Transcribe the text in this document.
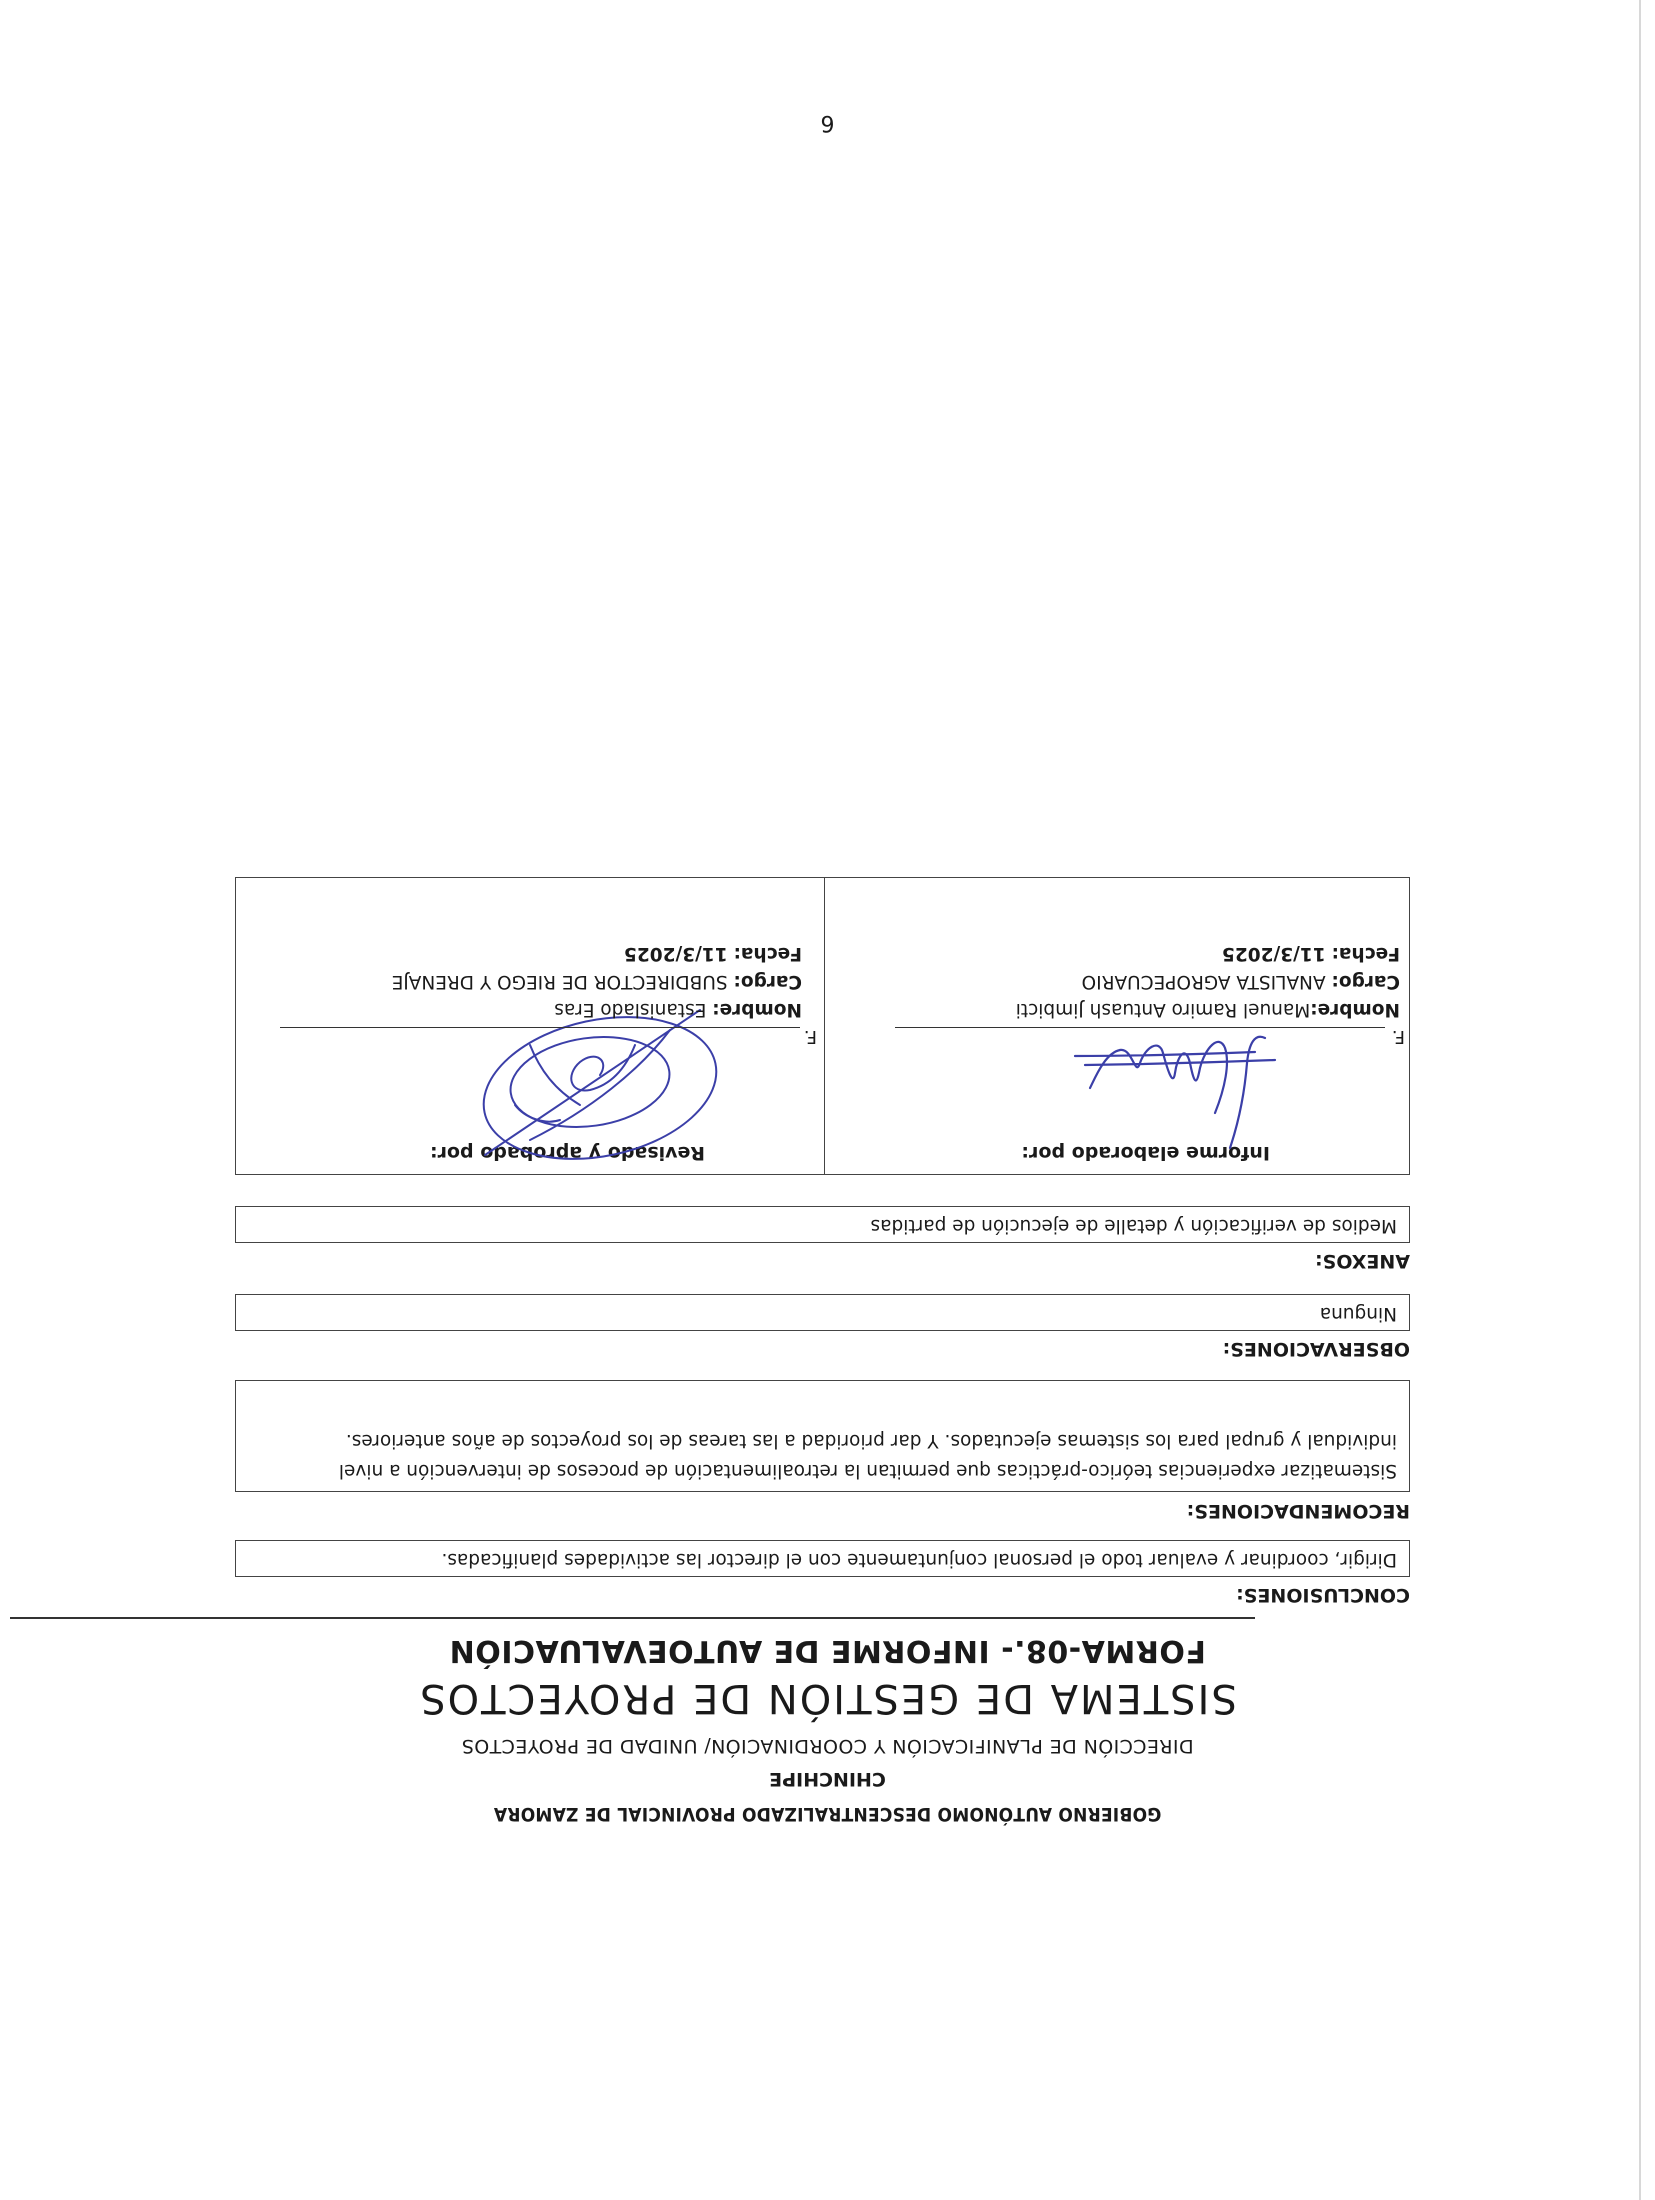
GOBIERNO AUTÓNOMO DESCENTRALIZADO PROVINCIAL DE ZAMORA
CHINCHIPE
DIRECCIÓN DE PLANIFICACIÓN Y COORDINACIÓN/ UNIDAD DE PROYECTOS
SISTEMA DE GESTIÓN DE PROYECTOS
FORMA-08.- INFORME DE AUTOEVALUACIÓN
CONCLUSIONES:
Dirigir, coordinar y evaluar todo el personal conjuntamente con el director las actividades planificadas.
RECOMENDACIONES:
Sistematizar experiencias teórico-prácticas que permitan la retroalimentación de procesos de intervención a nivel individual y grupal para los sistemas ejecutados. Y dar prioridad a las tareas de los proyectos de años anteriores.
OBSERVACIONES:
Ninguna
ANEXOS:
Medios de verificación y detalle de ejecución de partidas
Informe elaborado por:
Revisado y aprobado por:
F.
F.
Nombre:Manuel Ramiro Antuash Jimbicti
Cargo: ANALISTA AGROPECUARIO
Fecha: 11/3/2025
Nombre: Estanislado Eras
Cargo: SUBDIRECTOR DE RIEGO Y DRENAJE
Fecha: 11/3/2025
6
